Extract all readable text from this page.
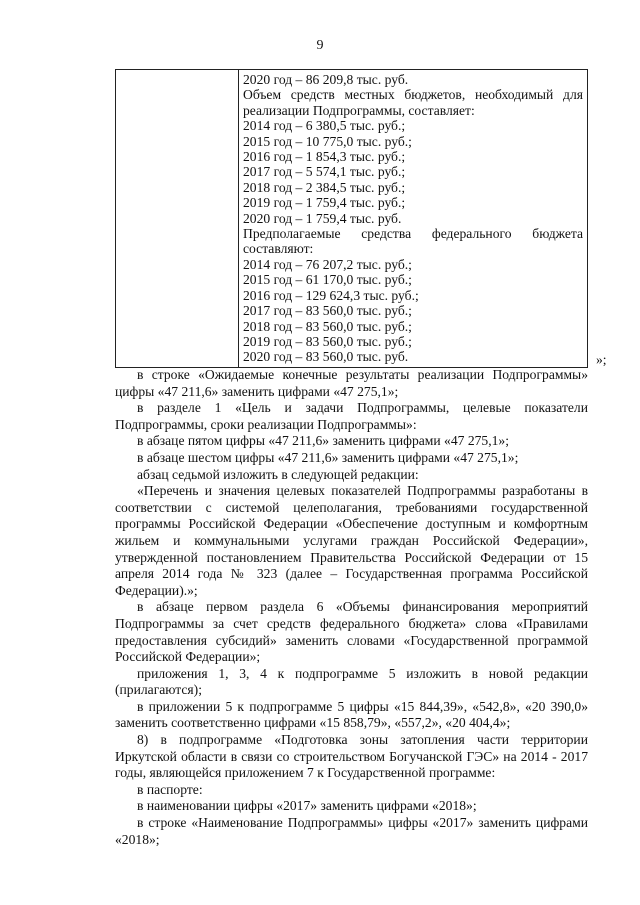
9
2020 год – 86 209,8 тыс. руб.
Объем средств местных бюджетов, необходимый для
реализации Подпрограммы, составляет:
2014 год – 6 380,5 тыс. руб.;
2015 год – 10 775,0 тыс. руб.;
2016 год – 1 854,3 тыс. руб.;
2017 год – 5 574,1 тыс. руб.;
2018 год – 2 384,5 тыс. руб.;
2019 год – 1 759,4 тыс. руб.;
2020 год – 1 759,4 тыс. руб.
Предполагаемые средства федерального бюджета
составляют:
2014 год – 76 207,2 тыс. руб.;
2015 год – 61 170,0 тыс. руб.;
2016 год – 129 624,3 тыс. руб.;
2017 год – 83 560,0 тыс. руб.;
2018 год – 83 560,0 тыс. руб.;
2019 год – 83 560,0 тыс. руб.;
2020 год – 83 560,0 тыс. руб.	»;
в строке «Ожидаемые конечные результаты реализации Подпрограммы» цифры «47 211,6» заменить цифрами «47 275,1»;
в разделе 1 «Цель и задачи Подпрограммы, целевые показатели Подпрограммы, сроки реализации Подпрограммы»:
в абзаце пятом цифры «47 211,6» заменить цифрами «47 275,1»;
в абзаце шестом цифры «47 211,6» заменить цифрами «47 275,1»;
абзац седьмой изложить в следующей редакции:
«Перечень и значения целевых показателей Подпрограммы разработаны в соответствии с системой целеполагания, требованиями государственной программы Российской Федерации «Обеспечение доступным и комфортным жильем и коммунальными услугами граждан Российской Федерации», утвержденной постановлением Правительства Российской Федерации от 15 апреля 2014 года № 323 (далее – Государственная программа Российской Федерации).»;
в абзаце первом раздела 6 «Объемы финансирования мероприятий Подпрограммы за счет средств федерального бюджета» слова «Правилами предоставления субсидий» заменить словами «Государственной программой Российской Федерации»;
приложения 1, 3, 4 к подпрограмме 5 изложить в новой редакции (прилагаются);
в приложении 5 к подпрограмме 5 цифры «15 844,39», «542,8», «20 390,0» заменить соответственно цифрами «15 858,79», «557,2», «20 404,4»;
8) в подпрограмме «Подготовка зоны затопления части территории Иркутской области в связи со строительством Богучанской ГЭС» на 2014 - 2017 годы, являющейся приложением 7 к Государственной программе:
в паспорте:
в наименовании цифры «2017» заменить цифрами «2018»;
в строке «Наименование Подпрограммы» цифры «2017» заменить цифрами «2018»;
